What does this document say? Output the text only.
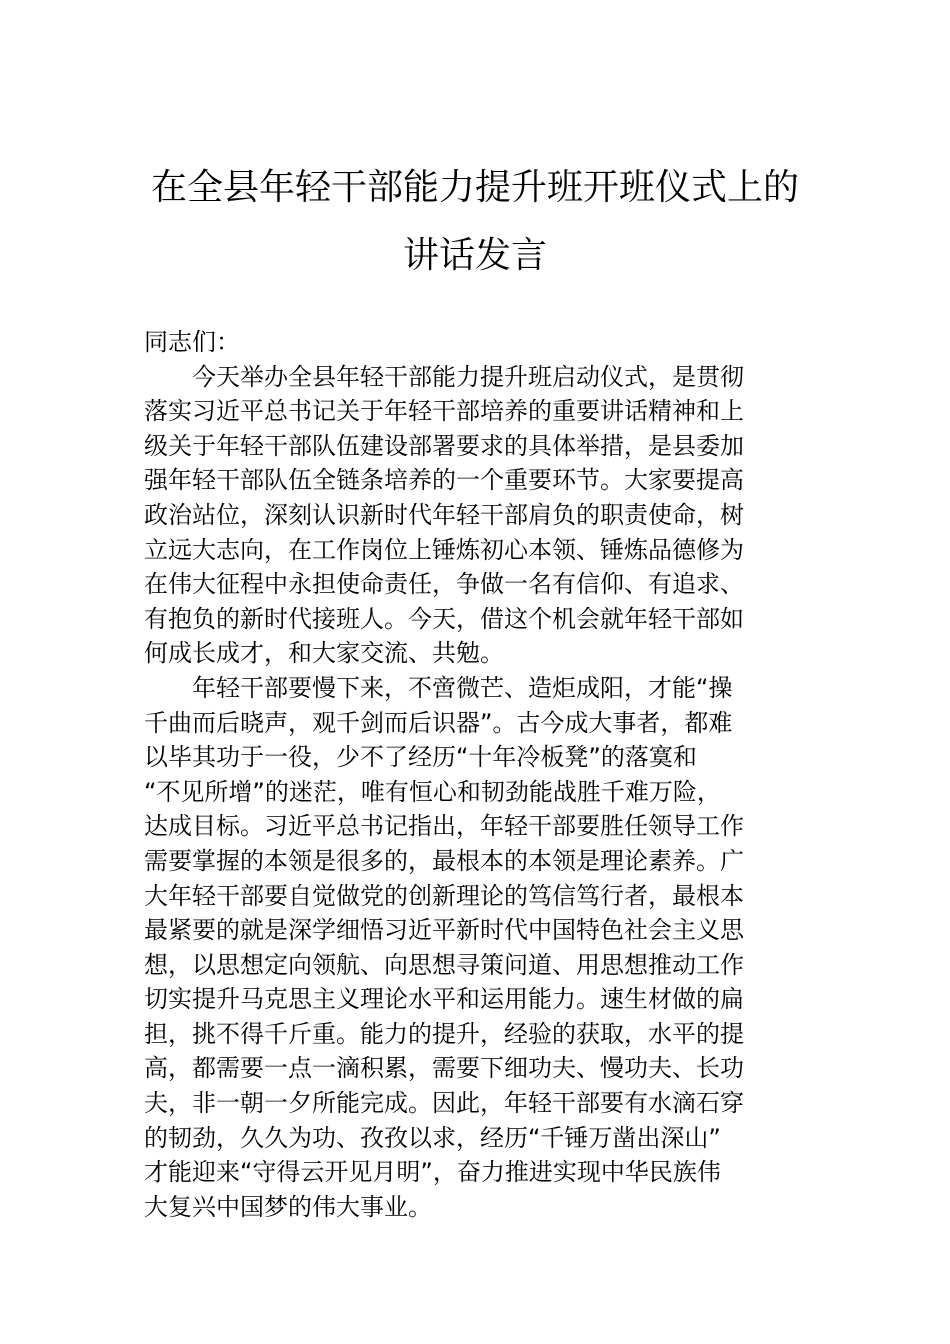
在全县年轻干部能力提升班开班仪式上的
讲话发言
同志们：
今天举办全县年轻干部能力提升班启动仪式，是贯彻
落实习近平总书记关于年轻干部培养的重要讲话精神和上
级关于年轻干部队伍建设部署要求的具体举措，是县委加
强年轻干部队伍全链条培养的一个重要环节。大家要提高
政治站位，深刻认识新时代年轻干部肩负的职责使命，树
立远大志向，在工作岗位上锤炼初心本领、锤炼品德修为
在伟大征程中永担使命责任，争做一名有信仰、有追求、
有抱负的新时代接班人。今天，借这个机会就年轻干部如
何成长成才，和大家交流、共勉。
年轻干部要慢下来，不啻微芒、造炬成阳，才能“操
千曲而后晓声，观千剑而后识器”。古今成大事者，都难
以毕其功于一役，少不了经历“十年冷板凳”的落寞和
“不见所增”的迷茫，唯有恒心和韧劲能战胜千难万险，
达成目标。习近平总书记指出，年轻干部要胜任领导工作
需要掌握的本领是很多的，最根本的本领是理论素养。广
大年轻干部要自觉做党的创新理论的笃信笃行者，最根本
最紧要的就是深学细悟习近平新时代中国特色社会主义思
想，以思想定向领航、向思想寻策问道、用思想推动工作
切实提升马克思主义理论水平和运用能力。速生材做的扁
担，挑不得千斤重。能力的提升，经验的获取，水平的提
高，都需要一点一滴积累，需要下细功夫、慢功夫、长功
夫，非一朝一夕所能完成。因此，年轻干部要有水滴石穿
的韧劲，久久为功、孜孜以求，经历“千锤万凿出深山”
才能迎来“守得云开见月明”，奋力推进实现中华民族伟
大复兴中国梦的伟大事业。
